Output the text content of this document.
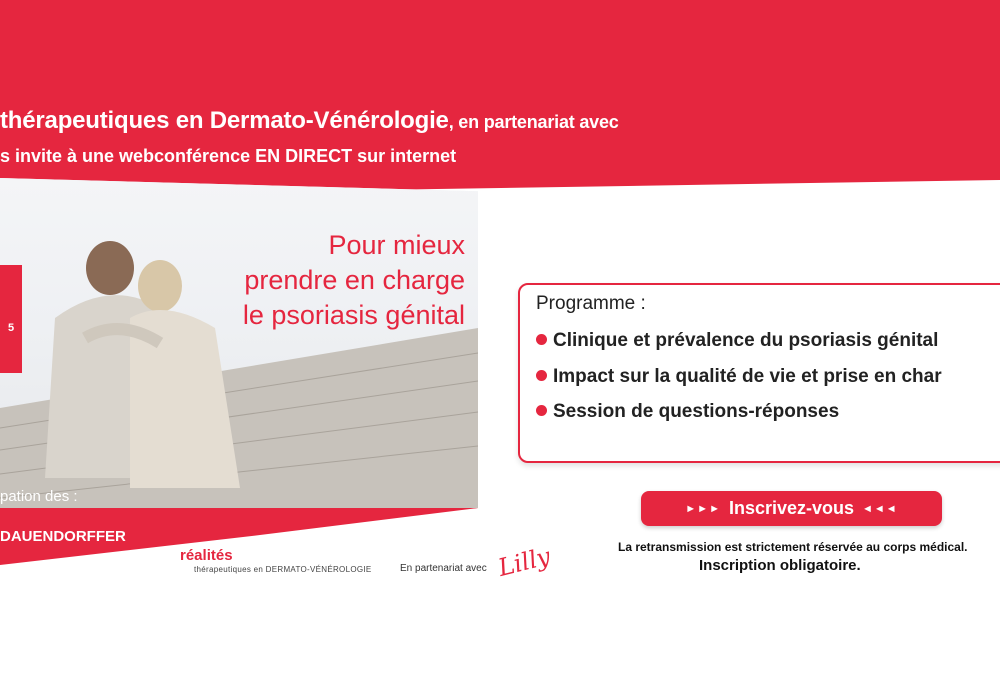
thérapeutiques en Dermato-Vénérologie, en partenariat avec
s invite à une webconférence EN DIRECT sur internet
5
Pour mieux
prendre en charge
le psoriasis génital
pation des :
DAUENDORFFER
réalités
thérapeutiques en DERMATO-VÉNÉROLOGIE	En partenariat avec Lilly
Programme :
Clinique et prévalence du psoriasis génital
Impact sur la qualité de vie et prise en char
Session de questions-réponses
►►► Inscrivez-vous ◄◄◄
La retransmission est strictement réservée au corps médical.
Inscription obligatoire.
